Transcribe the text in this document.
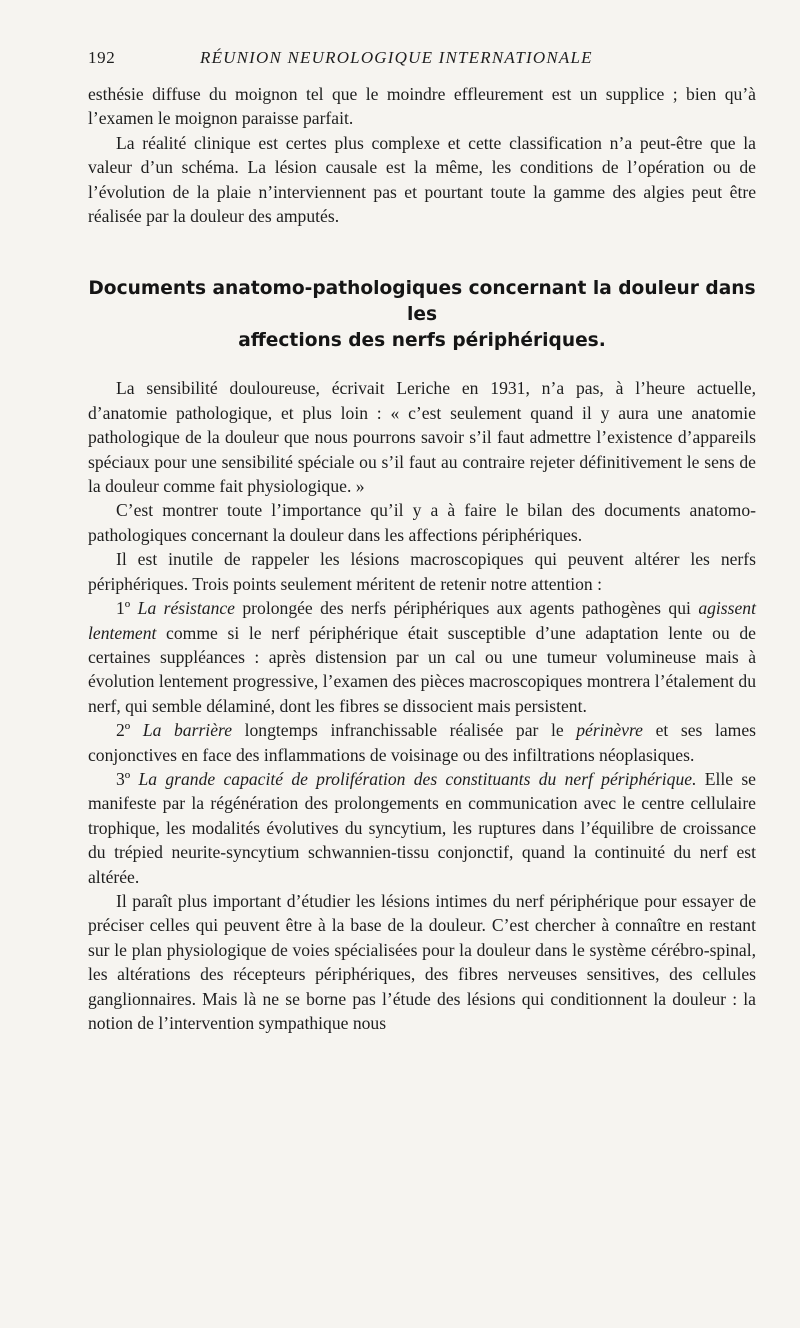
192	RÉUNION NEUROLOGIQUE INTERNATIONALE

esthésie diffuse du moignon tel que le moindre effleurement est un supplice ; bien qu’à l’examen le moignon paraisse parfait.

La réalité clinique est certes plus complexe et cette classification n’a peut-être que la valeur d’un schéma. La lésion causale est la même, les conditions de l’opération ou de l’évolution de la plaie n’interviennent pas et pourtant toute la gamme des algies peut être réalisée par la douleur des amputés.

Documents anatomo-pathologiques concernant la douleur dans les
affections des nerfs périphériques.

La sensibilité douloureuse, écrivait Leriche en 1931, n’a pas, à l’heure actuelle, d’anatomie pathologique, et plus loin : « c’est seulement quand il y aura une anatomie pathologique de la douleur que nous pourrons savoir s’il faut admettre l’existence d’appareils spéciaux pour une sensibilité spéciale ou s’il faut au contraire rejeter définitivement le sens de la douleur comme fait physiologique. »

C’est montrer toute l’importance qu’il y a à faire le bilan des documents anatomo-pathologiques concernant la douleur dans les affections périphériques.

Il est inutile de rappeler les lésions macroscopiques qui peuvent altérer les nerfs périphériques. Trois points seulement méritent de retenir notre attention :

1º La résistance prolongée des nerfs périphériques aux agents pathogènes qui agissent lentement comme si le nerf périphérique était susceptible d’une adaptation lente ou de certaines suppléances : après distension par un cal ou une tumeur volumineuse mais à évolution lentement progressive, l’examen des pièces macroscopiques montrera l’étalement du nerf, qui semble délaminé, dont les fibres se dissocient mais persistent.

2º La barrière longtemps infranchissable réalisée par le périnèvre et ses lames conjonctives en face des inflammations de voisinage ou des infiltrations néoplasiques.

3º La grande capacité de prolifération des constituants du nerf périphérique. Elle se manifeste par la régénération des prolongements en communication avec le centre cellulaire trophique, les modalités évolutives du syncytium, les ruptures dans l’équilibre de croissance du trépied neurite-syncytium schwannien-tissu conjonctif, quand la continuité du nerf est altérée.

Il paraît plus important d’étudier les lésions intimes du nerf périphérique pour essayer de préciser celles qui peuvent être à la base de la douleur. C’est chercher à connaître en restant sur le plan physiologique de voies spécialisées pour la douleur dans le système cérébro-spinal, les altérations des récepteurs périphériques, des fibres nerveuses sensitives, des cellules ganglionnaires. Mais là ne se borne pas l’étude des lésions qui conditionnent la douleur : la notion de l’intervention sympathique nous
